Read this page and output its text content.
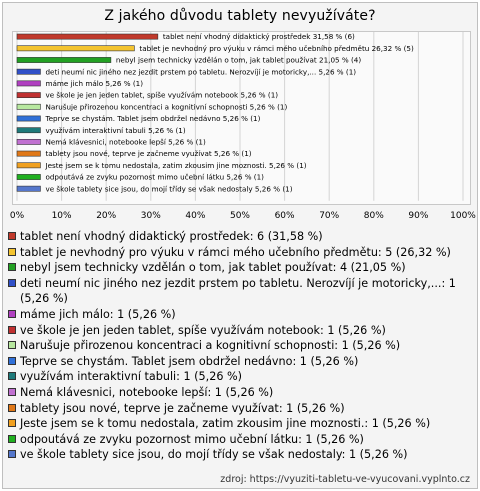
Z jakého důvodu tablety nevyužíváte?
0%	10%	20%	30%	40%	50%	60%	70%	80%	90% 100%
tablet není vhodný didaktický prostředek 31,58 % (6)
tablet je nevhodný pro výuku v rámci mého učebního předmětu 26,32 % (5)
nebyl jsem technicky vzdělán o tom, jak tablet používat 21,05 % (4)
deti neumí nic jiného nez jezdit prstem po tabletu. Nerozvíjí je motoricky,... 5,26 % (1)
máme jich málo 5,26 % (1)
ve škole je jen jeden tablet, spíše využívám notebook 5,26 % (1)
Narušuje přirozenou koncentraci a kognitivní schopnosti 5,26 % (1)
Teprve se chystám. Tablet jsem obdržel nedávno 5,26 % (1)
využívám interaktivní tabuli 5,26 % (1)
Nemá klávesnici, notebooke lepší 5,26 % (1)
tablety jsou nové, teprve je začneme využívat 5,26 % (1)
Jeste jsem se k tomu nedostala, zatim zkousim jine moznosti. 5,26 % (1)
odpoutává ze zvyku pozornost mimo učební látku 5,26 % (1)
ve škole tablety sice jsou, do mojí třídy se však nedostaly 5,26 % (1)
tablet není vhodný didaktický prostředek: 6 (31,58 %)
tablet je nevhodný pro výuku v rámci mého učebního předmětu: 5 (26,32 %)
nebyl jsem technicky vzdělán o tom, jak tablet používat: 4 (21,05 %)
deti neumí nic jiného nez jezdit prstem po tabletu. Nerozvíjí je motoricky,...: 1 (5,26 %)
máme jich málo: 1 (5,26 %)
ve škole je jen jeden tablet, spíše využívám notebook: 1 (5,26 %)
Narušuje přirozenou koncentraci a kognitivní schopnosti: 1 (5,26 %)
Teprve se chystám. Tablet jsem obdržel nedávno: 1 (5,26 %)
využívám interaktivní tabuli: 1 (5,26 %)
Nemá klávesnici, notebooke lepší: 1 (5,26 %)
tablety jsou nové, teprve je začneme využívat: 1 (5,26 %)
Jeste jsem se k tomu nedostala, zatim zkousim jine moznosti.: 1 (5,26 %)
odpoutává ze zvyku pozornost mimo učební látku: 1 (5,26 %)
ve škole tablety sice jsou, do mojí třídy se však nedostaly: 1 (5,26 %)
zdroj: https://vyuziti-tabletu-ve-vyucovani.vyplnto.cz
